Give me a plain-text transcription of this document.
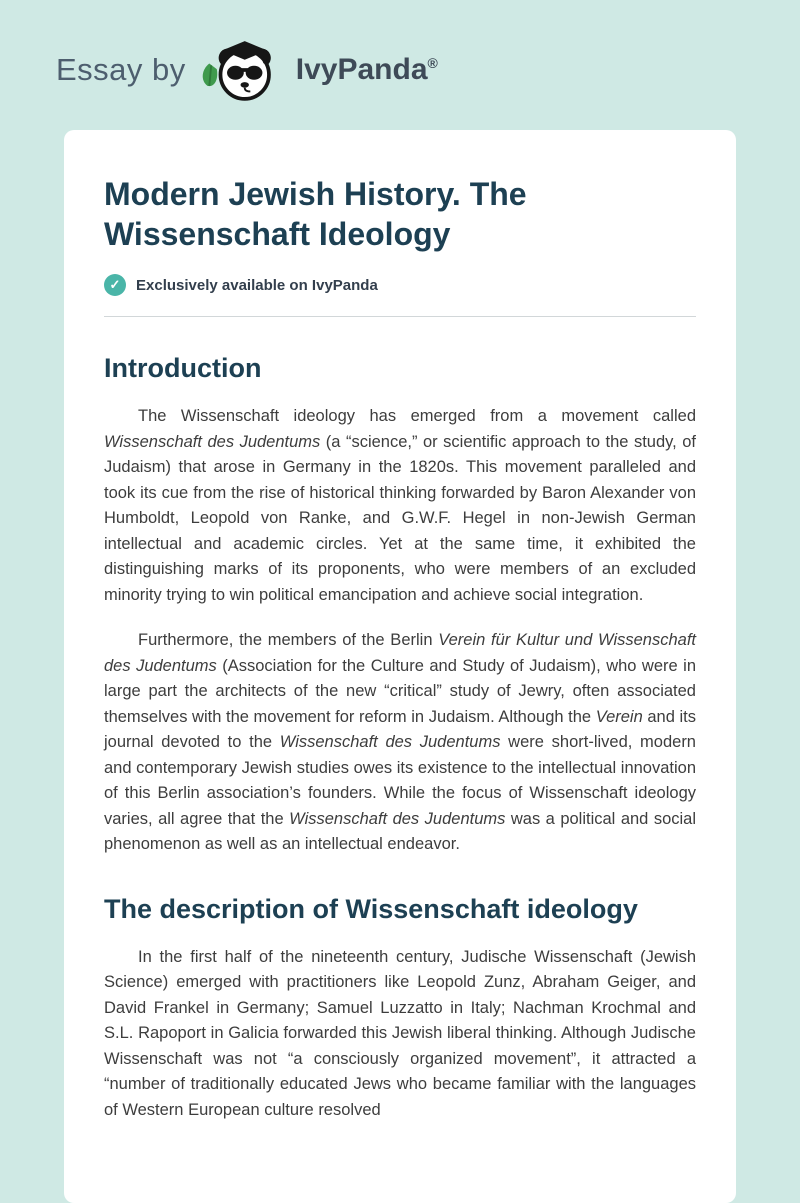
Essay by	IvyPanda®
Modern Jewish History. The Wissenschaft Ideology
✓	Exclusively available on IvyPanda
Introduction

The Wissenschaft ideology has emerged from a movement called Wissenschaft des Judentums (a “science,” or scientific approach to the study, of Judaism) that arose in Germany in the 1820s. This movement paralleled and took its cue from the rise of historical thinking forwarded by Baron Alexander von Humboldt, Leopold von Ranke, and G.W.F. Hegel in non-Jewish German intellectual and academic circles. Yet at the same time, it exhibited the distinguishing marks of its proponents, who were members of an excluded minority trying to win political emancipation and achieve social integration.

Furthermore, the members of the Berlin Verein für Kultur und Wissenschaft des Judentums (Association for the Culture and Study of Judaism), who were in large part the architects of the new “critical” study of Jewry, often associated themselves with the movement for reform in Judaism. Although the Verein and its journal devoted to the Wissenschaft des Judentums were short-lived, modern and contemporary Jewish studies owes its existence to the intellectual innovation of this Berlin association’s founders. While the focus of Wissenschaft ideology varies, all agree that the Wissenschaft des Judentums was a political and social phenomenon as well as an intellectual endeavor.

The description of Wissenschaft ideology

In the first half of the nineteenth century, Judische Wissenschaft (Jewish Science) emerged with practitioners like Leopold Zunz, Abraham Geiger, and David Frankel in Germany; Samuel Luzzatto in Italy; Nachman Krochmal and S.L. Rapoport in Galicia forwarded this Jewish liberal thinking. Although Judische Wissenschaft was not “a consciously organized movement”, it attracted a “number of traditionally educated Jews who became familiar with the languages of Western European culture resolved
